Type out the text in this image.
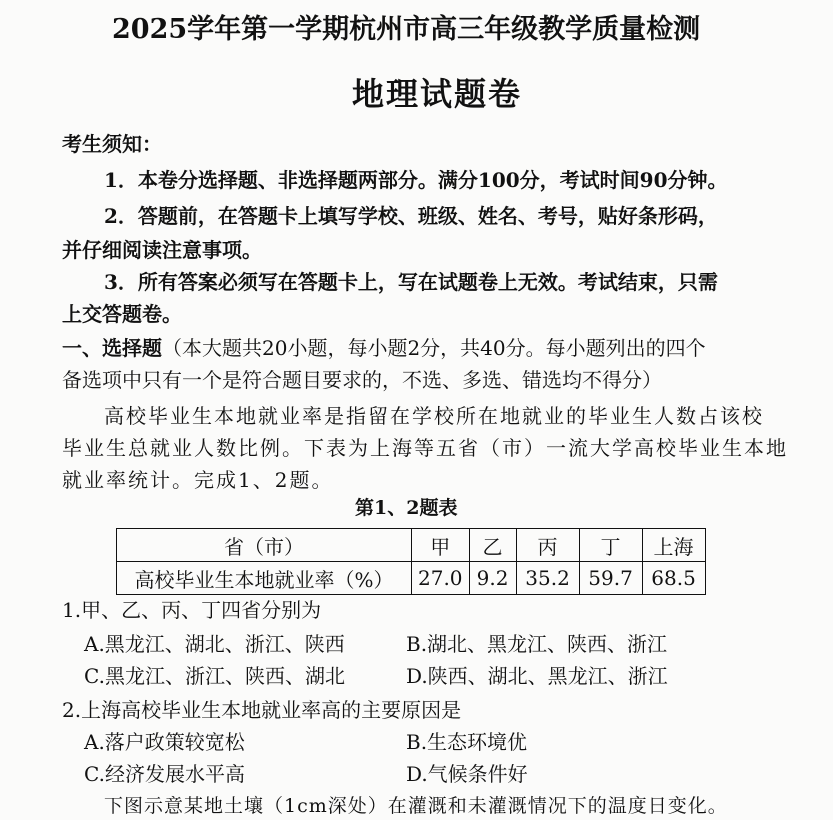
2025学年第一学期杭州市高三年级教学质量检测
地理试题卷
考生须知：
1．本卷分选择题、非选择题两部分。满分100分，考试时间90分钟。
2．答题前，在答题卡上填写学校、班级、姓名、考号，贴好条形码，
并仔细阅读注意事项。
3．所有答案必须写在答题卡上，写在试题卷上无效。考试结束，只需
上交答题卷。
一、选择题（本大题共20小题，每小题2分，共40分。每小题列出的四个
备选项中只有一个是符合题目要求的，不选、多选、错选均不得分）
高校毕业生本地就业率是指留在学校所在地就业的毕业生人数占该校
毕业生总就业人数比例。下表为上海等五省（市）一流大学高校毕业生本地
就业率统计。完成1、2题。
第1、2题表
省（市）	甲	乙	丙	丁	上海
高校毕业生本地就业率（%）	27.0	9.2	35.2	59.7	68.5
1.甲、乙、丙、丁四省分别为
A.黑龙江、湖北、浙江、陕西	B.湖北、黑龙江、陕西、浙江
C.黑龙江、浙江、陕西、湖北	D.陕西、湖北、黑龙江、浙江
2.上海高校毕业生本地就业率高的主要原因是
A.落户政策较宽松	B.生态环境优
C.经济发展水平高	D.气候条件好
下图示意某地土壤（1cm深处）在灌溉和未灌溉情况下的温度日变化。
